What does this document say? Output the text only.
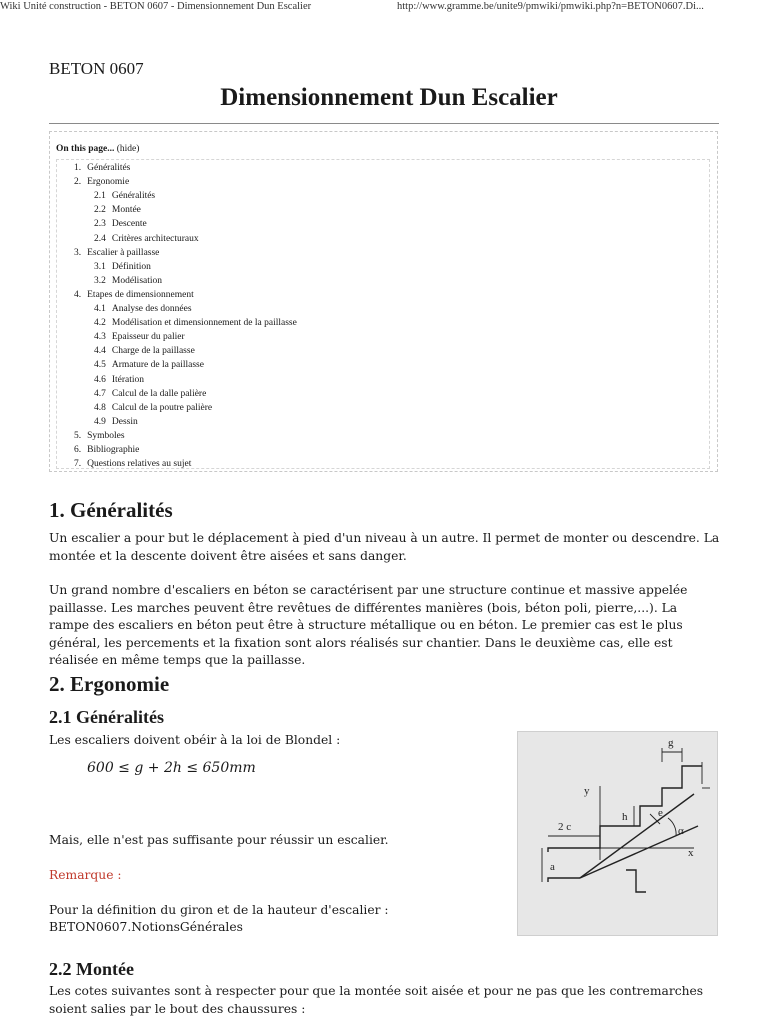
Wiki Unité construction - BETON 0607 - Dimensionnement Dun Escalier	http://www.gramme.be/unite9/pmwiki/pmwiki.php?n=BETON0607.Di...
BETON 0607
Dimensionnement Dun Escalier
On this page... (hide)
1. Généralités
2. Ergonomie
2.1 Généralités
2.2 Montée
2.3 Descente
2.4 Critères architecturaux
3. Escalier à paillasse
3.1 Définition
3.2 Modélisation
4. Etapes de dimensionnement
4.1 Analyse des données
4.2 Modélisation et dimensionnement de la paillasse
4.3 Epaisseur du palier
4.4 Charge de la paillasse
4.5 Armature de la paillasse
4.6 Itération
4.7 Calcul de la dalle palière
4.8 Calcul de la poutre palière
4.9 Dessin
5. Symboles
6. Bibliographie
7. Questions relatives au sujet
1. Généralités

Un escalier a pour but le déplacement à pied d'un niveau à un autre. Il permet de monter ou descendre. La montée et la descente doivent être aisées et sans danger.

Un grand nombre d'escaliers en béton se caractérisent par une structure continue et massive appelée paillasse. Les marches peuvent être revêtues de différentes manières (bois, béton poli, pierre,...). La rampe des escaliers en béton peut être à structure métallique ou en béton. Le premier cas est le plus général, les percements et la fixation sont alors réalisés sur chantier. Dans le deuxième cas, elle est réalisée en même temps que la paillasse.

2. Ergonomie
2.1 Généralités

Les escaliers doivent obéir à la loi de Blondel :

600 ≤ g + 2h ≤ 650mm

Mais, elle n'est pas suffisante pour réussir un escalier.

Remarque :

Pour la définition du giron et de la hauteur d'escalier :

BETON0607.NotionsGénérales

g
y
h	e
2 c	α
x
a
2.2 Montée

Les cotes suivantes sont à respecter pour que la montée soit aisée et pour ne pas que les contremarches soient salies par le bout des chaussures :
